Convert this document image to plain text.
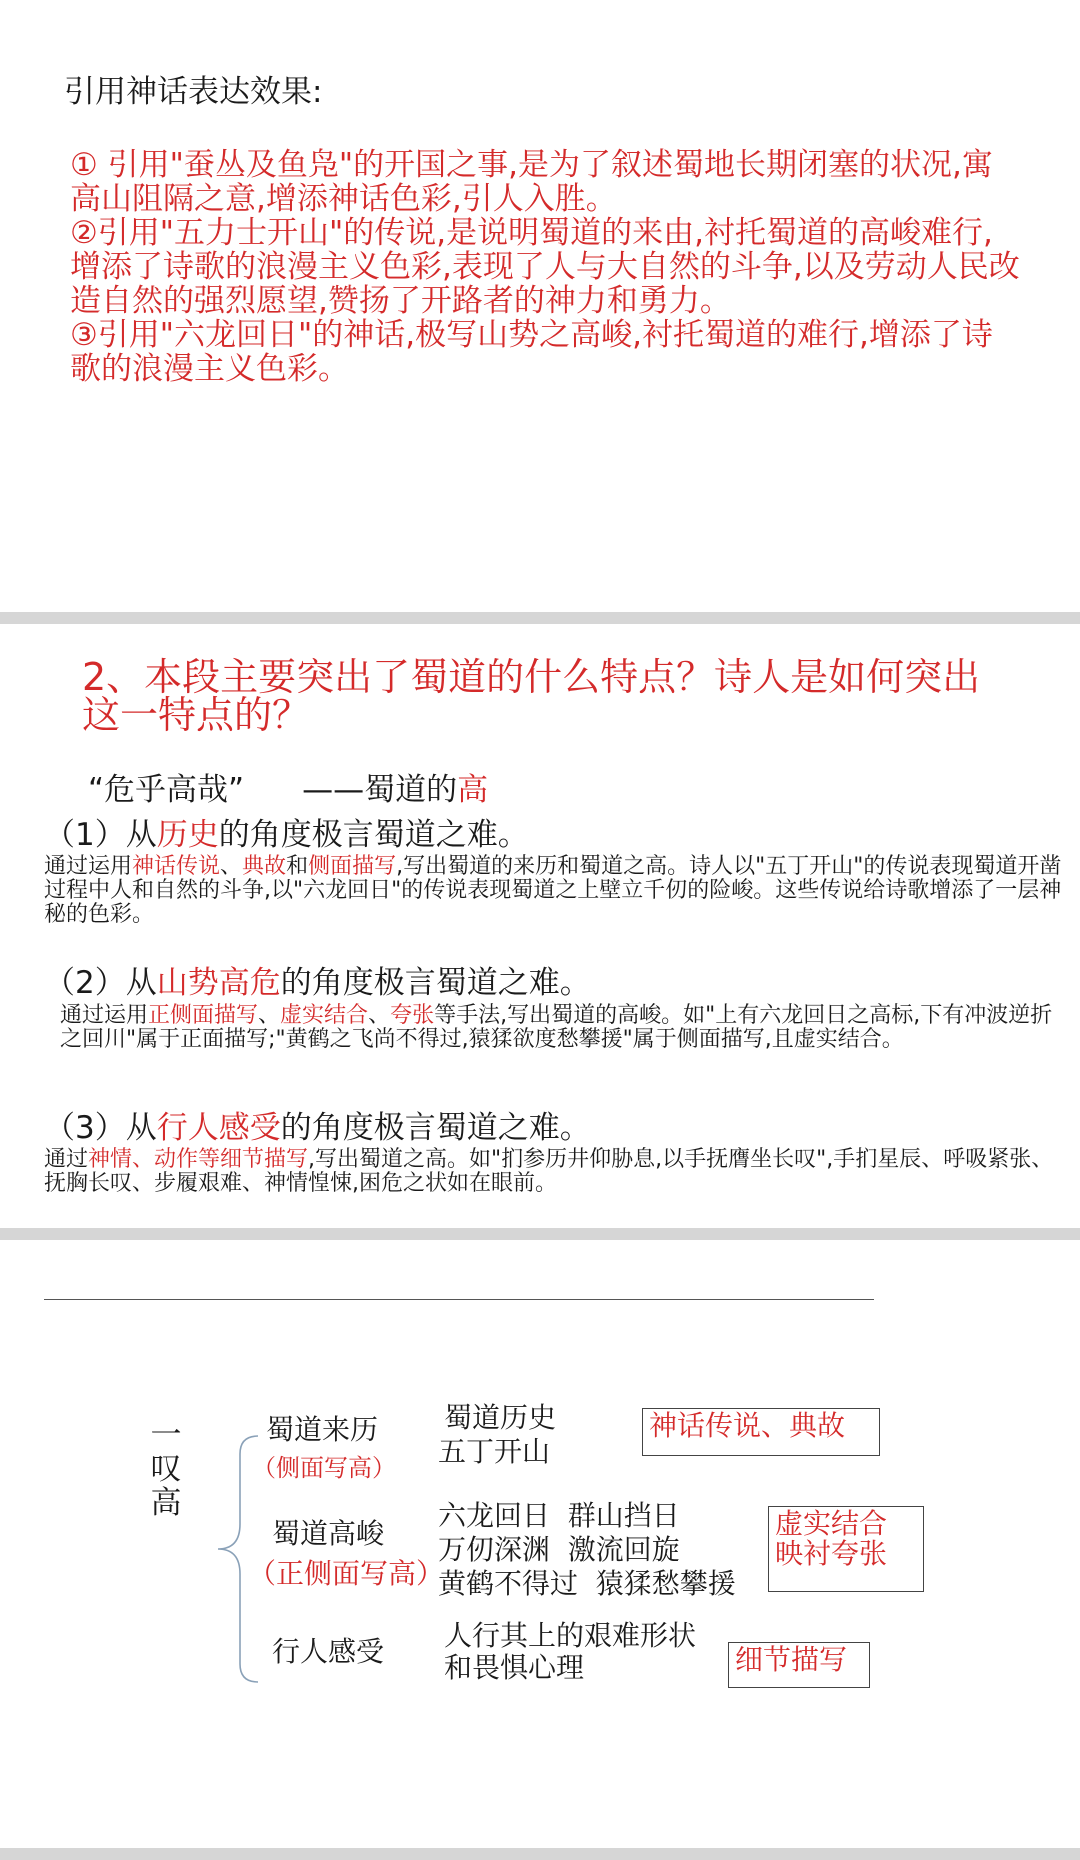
引用神话表达效果:

① 引用"蚕丛及鱼凫"的开国之事,是为了叙述蜀地长期闭塞的状况,寓高山阻隔之意,增添神话色彩,引人入胜。

②引用"五力士开山"的传说,是说明蜀道的来由,衬托蜀道的高峻难行,增添了诗歌的浪漫主义色彩,表现了人与大自然的斗争,以及劳动人民改造自然的强烈愿望,赞扬了开路者的神力和勇力。

③引用"六龙回日"的神话,极写山势之高峻,衬托蜀道的难行,增添了诗歌的浪漫主义色彩。

2、本段主要突出了蜀道的什么特点？诗人是如何突出这一特点的？
“危乎高哉” ——蜀道的高
（1）从历史的角度极言蜀道之难。
通过运用神话传说、典故和侧面描写,写出蜀道的来历和蜀道之高。诗人以"五丁开山"的传说表现蜀道开凿过程中人和自然的斗争,以"六龙回日"的传说表现蜀道之上壁立千仞的险峻。这些传说给诗歌增添了一层神秘的色彩。
（2）从山势高危的角度极言蜀道之难。
通过运用正侧面描写、虚实结合、夸张等手法,写出蜀道的高峻。如"上有六龙回日之高标,下有冲波逆折之回川"属于正面描写;"黄鹤之飞尚不得过,猿猱欲度愁攀援"属于侧面描写,且虚实结合。
（3）从行人感受的角度极言蜀道之难。
通过神情、动作等细节描写,写出蜀道之高。如"扪参历井仰胁息,以手抚膺坐长叹",手扪星辰、呼吸紧张、抚胸长叹、步履艰难、神情惶悚,困危之状如在眼前。
一
叹
高
蜀道来历
（侧面写高）
蜀道历史
五丁开山
神话传说、典故
蜀道高峻
（正侧面写高）
六龙回日  群山挡日
万仞深渊  激流回旋
黄鹤不得过  猿猱愁攀援
虚实结合
映衬夸张
行人感受 人行其上的艰难形状
和畏惧心理	细节描写
